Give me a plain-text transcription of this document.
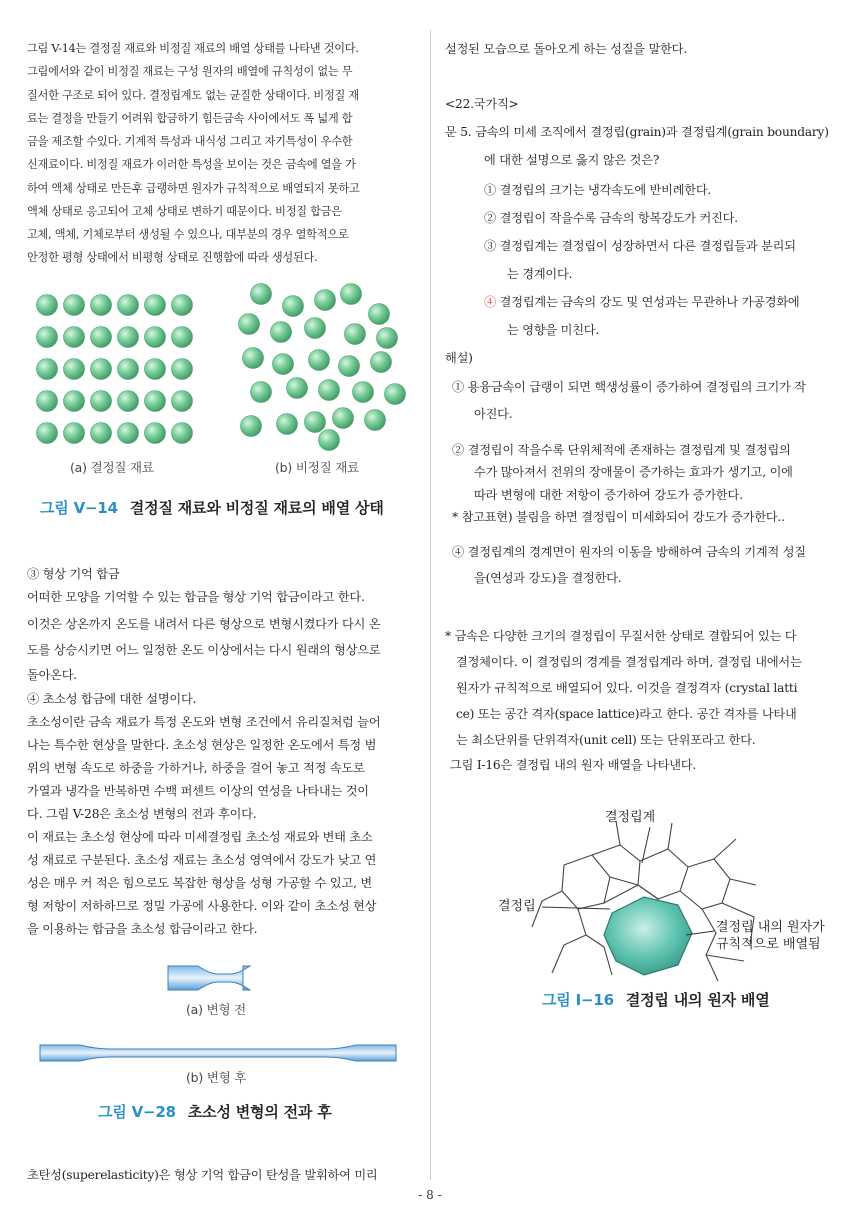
그림 V-14는 결정질 재료와 비정질 재료의 배열 상태를 나타낸 것이다.
그림에서와 같이 비정질 재료는 구성 원자의 배열에 규칙성이 없는 무
질서한 구조로 되어 있다. 결정립계도 없는 균질한 상태이다. 비정질 재
료는 결정을 만들기 어려워 합금하기 힘든금속 사이에서도 폭 넓게 합
금을 제조할 수있다. 기계적 특성과 내식성 그리고 자기특성이 우수한
신재료이다. 비정질 재료가 이러한 특성을 보이는 것은 금속에 열을 가
하여 액체 상태로 만든후 급랭하면 원자가 규칙적으로 배열되지 못하고
액체 상태로 응고되어 고체 상태로 변하기 때문이다. 비정질 합금은
고체, 액체, 기체로부터 생성될 수 있으나, 대부분의 경우 열학적으로
안정한 평형 상태에서 비평형 상태로 진행함에 따라 생성된다.
(a) 결정질 재료	(b) 비정질 재료
그림 V−14 결정질 재료와 비정질 재료의 배열 상태
③ 형상 기억 합금
어떠한 모양을 기억할 수 있는 합금을 형상 기억 합금이라고 한다.
이것은 상온까지 온도를 내려서 다른 형상으로 변형시켰다가 다시 온
도를 상승시키면 어느 일정한 온도 이상에서는 다시 원래의 형상으로
돌아온다.
④ 초소성 합금에 대한 설명이다.
초소성이란 금속 재료가 특정 온도와 변형 조건에서 유리질처럼 늘어
나는 특수한 현상을 말한다. 초소성 현상은 일정한 온도에서 특정 범
위의 변형 속도로 하중을 가하거나, 하중을 걸어 놓고 적정 속도로
가열과 냉각을 반복하면 수백 퍼센트 이상의 연성을 나타내는 것이
다. 그림 V-28은 초소성 변형의 전과 후이다.
이 재료는 초소성 현상에 따라 미세결정립 초소성 재료와 변태 초소
성 재료로 구분된다. 초소성 재료는 초소성 영역에서 강도가 낮고 연
성은 매우 커 적은 힘으로도 복잡한 형상을 성형 가공할 수 있고, 변
형 저항이 저하하므로 정밀 가공에 사용한다. 이와 같이 초소성 현상
을 이용하는 합금을 초소성 합금이라고 한다.
(a) 변형 전
(b) 변형 후
그림 V−28 초소성 변형의 전과 후
초탄성(superelasticity)은 형상 기억 합금이 탄성을 발휘하여 미리
설정된 모습으로 돌아오게 하는 성질을 말한다.
<22.국가직>
문 5. 금속의 미세 조직에서 결정립(grain)과 결정립계(grain boundary)
에 대한 설명으로 옳지 않은 것은?
① 결정립의 크기는 냉각속도에 반비례한다.
② 결정립이 작을수록 금속의 항복강도가 커진다.
③ 결정립계는 결정립이 성장하면서 다른 결정립들과 분리되
는 경계이다.
④ 결정립계는 금속의 강도 및 연성과는 무관하나 가공경화에
는 영향을 미친다.
해설)
① 용융금속이 급랭이 되면 핵생성률이 증가하여 결정립의 크기가 작
아진다.
② 결정립이 작을수록 단위체적에 존재하는 결정립계 및 결정립의
수가 많아져서 전위의 장애물이 증가하는 효과가 생기고, 이에
따라 변형에 대한 저항이 증가하여 강도가 증가한다.
* 참고표현) 불림을 하면 결정립이 미세화되어 강도가 증가한다..
④ 결정립계의 경계면이 원자의 이동을 방해하여 금속의 기계적 성질
을(연성과 강도)을 결정한다.
* 금속은 다양한 크기의 결정립이 무질서한 상태로 결합되어 있는 다
결정체이다. 이 결정립의 경계를 결정립계라 하며, 결정립 내에서는
원자가 규칙적으로 배열되어 있다. 이것을 결정격자 (crystal latti
ce) 또는 공간 격자(space lattice)라고 한다. 공간 격자를 나타내
는 최소단위를 단위격자(unit cell) 또는 단위포라고 한다.
그림 I-16은 결정립 내의 원자 배열을 나타낸다.
결정립계
결정립
결정립 내의 원자가
규칙적으로 배열됨
그림 I−16 결정립 내의 원자 배열
- 8 -
